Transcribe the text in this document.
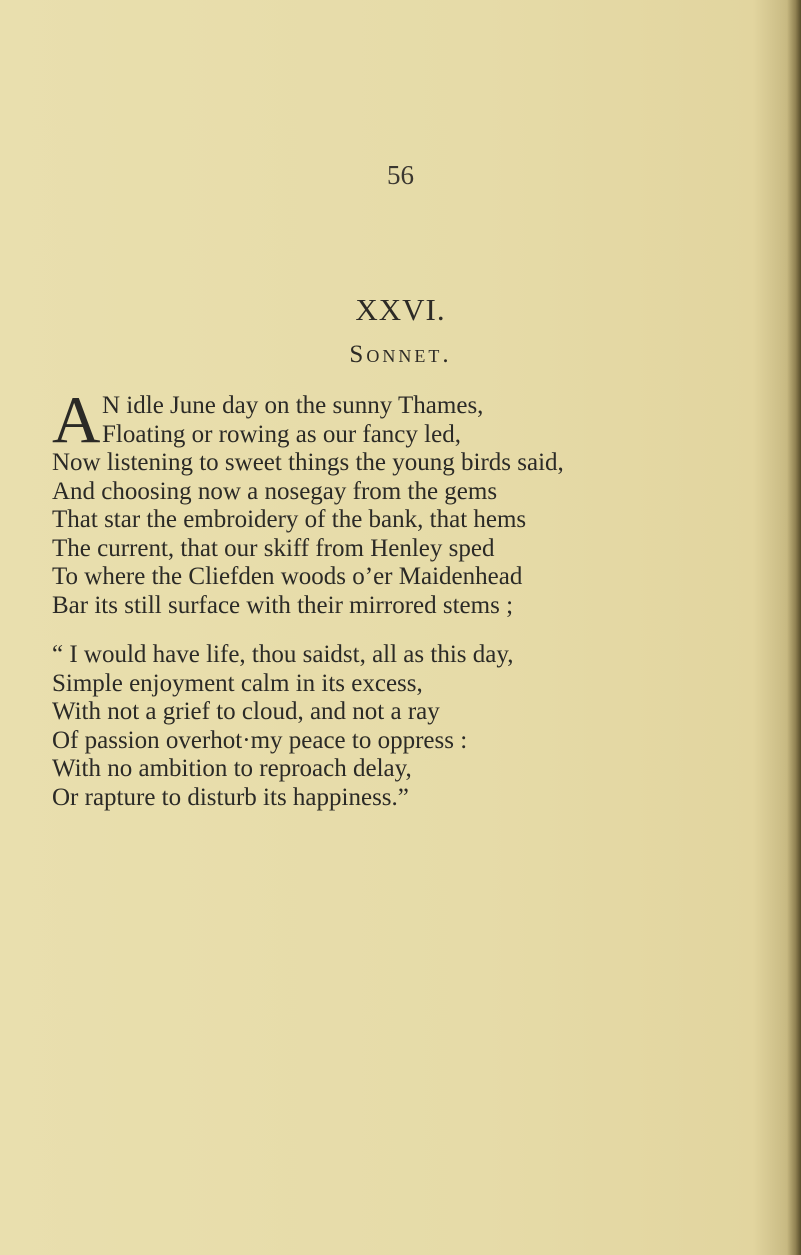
56
XXVI.
Sonnet.
A N idle June day on the sunny Thames,
Floating or rowing as our fancy led,
Now listening to sweet things the young birds said,
And choosing now a nosegay from the gems
That star the embroidery of the bank, that hems
The current, that our skiff from Henley sped
To where the Cliefden woods o’er Maidenhead
Bar its still surface with their mirrored stems ;
“ I would have life, thou saidst, all as this day,
Simple enjoyment calm in its excess,
With not a grief to cloud, and not a ray
Of passion overhot·my peace to oppress :
With no ambition to reproach delay,
Or rapture to disturb its happiness.”
